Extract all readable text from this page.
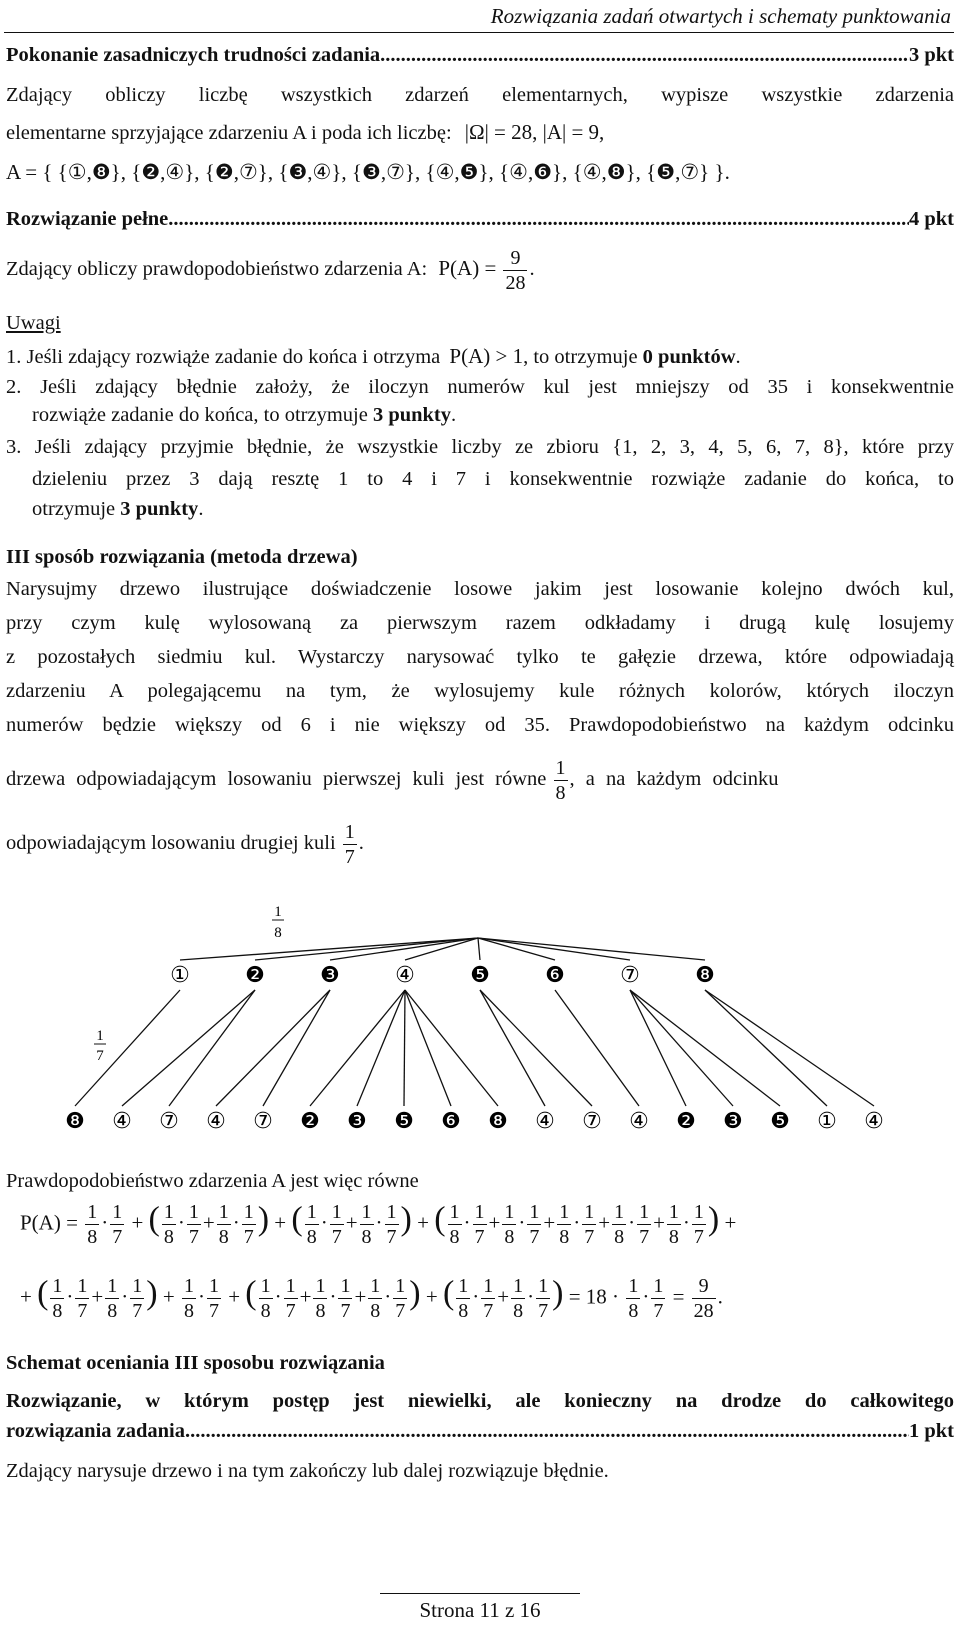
Rozwiązania zadań otwartych i schematy punktowania
Pokonanie zasadniczych trudności zadania .....	3 pkt
Zdający obliczy liczbę wszystkich zdarzeń elementarnych, wypisze wszystkie zdarzenia
elementarne sprzyjające zdarzeniu A i poda ich liczbę: |Ω| = 28, |A| = 9,
A = { {①,❽}, {❷,④}, {❷,⑦}, {❸,④}, {❸,⑦}, {④,❺}, {④,❻}, {④,❽}, {❺,⑦} }.
Rozwiązanie pełne .....	4 pkt
Zdający obliczy prawdopodobieństwo zdarzenia A: $P(A) = \frac{9}{28}$ .
Uwagi
1. Jeśli zdający rozwiąże zadanie do końca i otrzyma P(A) > 1, to otrzymuje 0 punktów.
2. Jeśli zdający błędnie założy, że iloczyn numerów kul jest mniejszy od 35 i konsekwentnie
rozwiąże zadanie do końca, to otrzymuje 3 punkty.
3. Jeśli zdający przyjmie błędnie, że wszystkie liczby ze zbioru {1, 2, 3, 4, 5, 6, 7, 8}, które przy
dzieleniu przez 3 dają resztę 1 to 4 i 7 i konsekwentnie rozwiąże zadanie do końca, to
otrzymuje 3 punkty.
III sposób rozwiązania (metoda drzewa)
Narysujmy drzewo ilustrujące doświadczenie losowe jakim jest losowanie kolejno dwóch kul,
przy czym kulę wylosowaną za pierwszym razem odkładamy i drugą kulę losujemy
z pozostałych siedmiu kul. Wystarczy narysować tylko te gałęzie drzewa, które odpowiadają
zdarzeniu A polegającemu na tym, że wylosujemy kule różnych kolorów, których iloczyn
numerów będzie większy od 6 i nie większy od 35. Prawdopodobieństwo na każdym odcinku
drzewa odpowiadającym losowaniu pierwszej kuli jest równe $\frac{1}{8}$ , a na każdym odcinku
odpowiadającym losowaniu drugiej kuli $\frac{1}{7}$ .
1
8
1
7
①	❷	❸	④	❺	❻	⑦	❽
❽ ④ ⑦ ④ ⑦ ❷ ❸ ❺ ❻ ❽ ④ ⑦ ④ ❷ ❸ ❺ ① ④
Prawdopodobieństwo zdarzenia A jest więc równe
$P(A) = \frac{1}{8} \cdot \frac{1}{7}$ + ( $\frac{1}{8} \cdot \frac{1}{7} + \frac{1}{8} \cdot \frac{1}{7}$ ) + ( $\frac{1}{8} \cdot \frac{1}{7} + \frac{1}{8} \cdot \frac{1}{7}$ ) + ( $\frac{1}{8} \cdot \frac{1}{7} + \frac{1}{8} \cdot \frac{1}{7} + \frac{1}{8} \cdot \frac{1}{7} + \frac{1}{8} \cdot \frac{1}{7} + \frac{1}{8} \cdot \frac{1}{7}$ ) +
+ ( $\frac{1}{8} \cdot \frac{1}{7} + \frac{1}{8} \cdot \frac{1}{7}$ ) + $\frac{1}{8} \cdot \frac{1}{7}$ + ( $\frac{1}{8} \cdot \frac{1}{7} + \frac{1}{8} \cdot \frac{1}{7} + \frac{1}{8} \cdot \frac{1}{7}$ ) + ( $\frac{1}{8} \cdot \frac{1}{7} + \frac{1}{8} \cdot \frac{1}{7}$ ) = $18 \cdot \frac{1}{8} \cdot \frac{1}{7} = \frac{9}{28}$ .
Schemat oceniania III sposobu rozwiązania
Rozwiązanie, w którym postęp jest niewielki, ale konieczny na drodze do całkowitego
rozwiązania zadania .....	1 pkt
Zdający narysuje drzewo i na tym zakończy lub dalej rozwiązuje błędnie.
Strona 11 z 16
